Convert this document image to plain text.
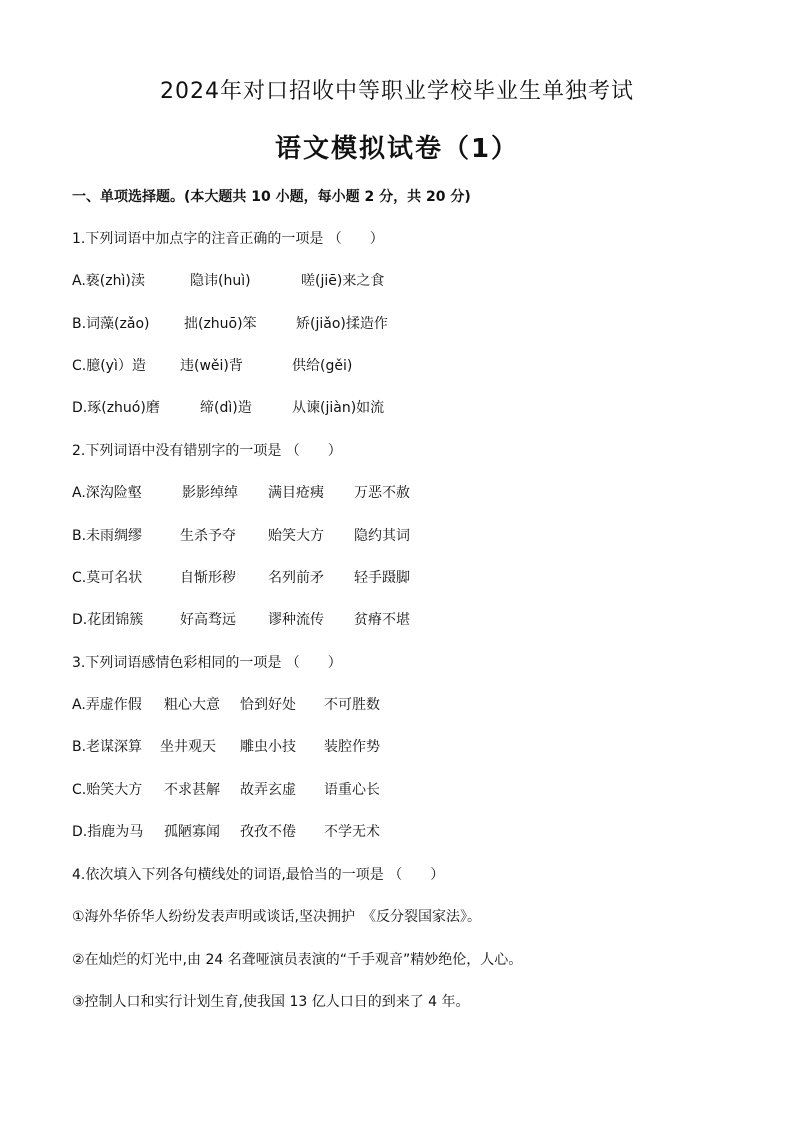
2024年对口招收中等职业学校毕业生单独考试
语文模拟试卷（1）
一、单项选择题。(本大题共 10 小题，每小题 2 分，共 20 分)
1.下列词语中加点字的注音正确的一项是 （　　）
A.亵(zhì)渎	隐讳(huì)	嗟(jiē)来之食
B.词藻(zǎo) 拙(zhuō)笨	矫(jiǎo)揉造作
C.臆(yì）造 违(wěi)背	供给(gěi)
D.琢(zhuó)磨	缔(dì)造	从谏(jiàn)如流
2.下列词语中没有错别字的一项是 （　　）
A.深沟险壑	影影绰绰 满目疮痍 万恶不赦
B.未雨绸缪	生杀予夺 贻笑大方 隐约其词
C.莫可名状	自惭形秽 名列前矛 轻手蹑脚
D.花团锦簇	好高骛远 谬种流传 贫瘠不堪
3.下列词语感情色彩相同的一项是 （　　）
A.弄虚作假 粗心大意 恰到好处 不可胜数
B.老谋深算 坐井观天 雕虫小技 装腔作势
C.贻笑大方 不求甚解 故弄玄虚 语重心长
D.指鹿为马 孤陋寡闻 孜孜不倦 不学无术
4.依次填入下列各句横线处的词语,最恰当的一项是 （　　）
①海外华侨华人纷纷发表声明或谈话,坚决拥护　《反分裂国家法》。
②在灿烂的灯光中,由 24 名聋哑演员表演的“千手观音”精妙绝伦，人心。
③控制人口和实行计划生育,使我国 13 亿人口日的到来了 4 年。
